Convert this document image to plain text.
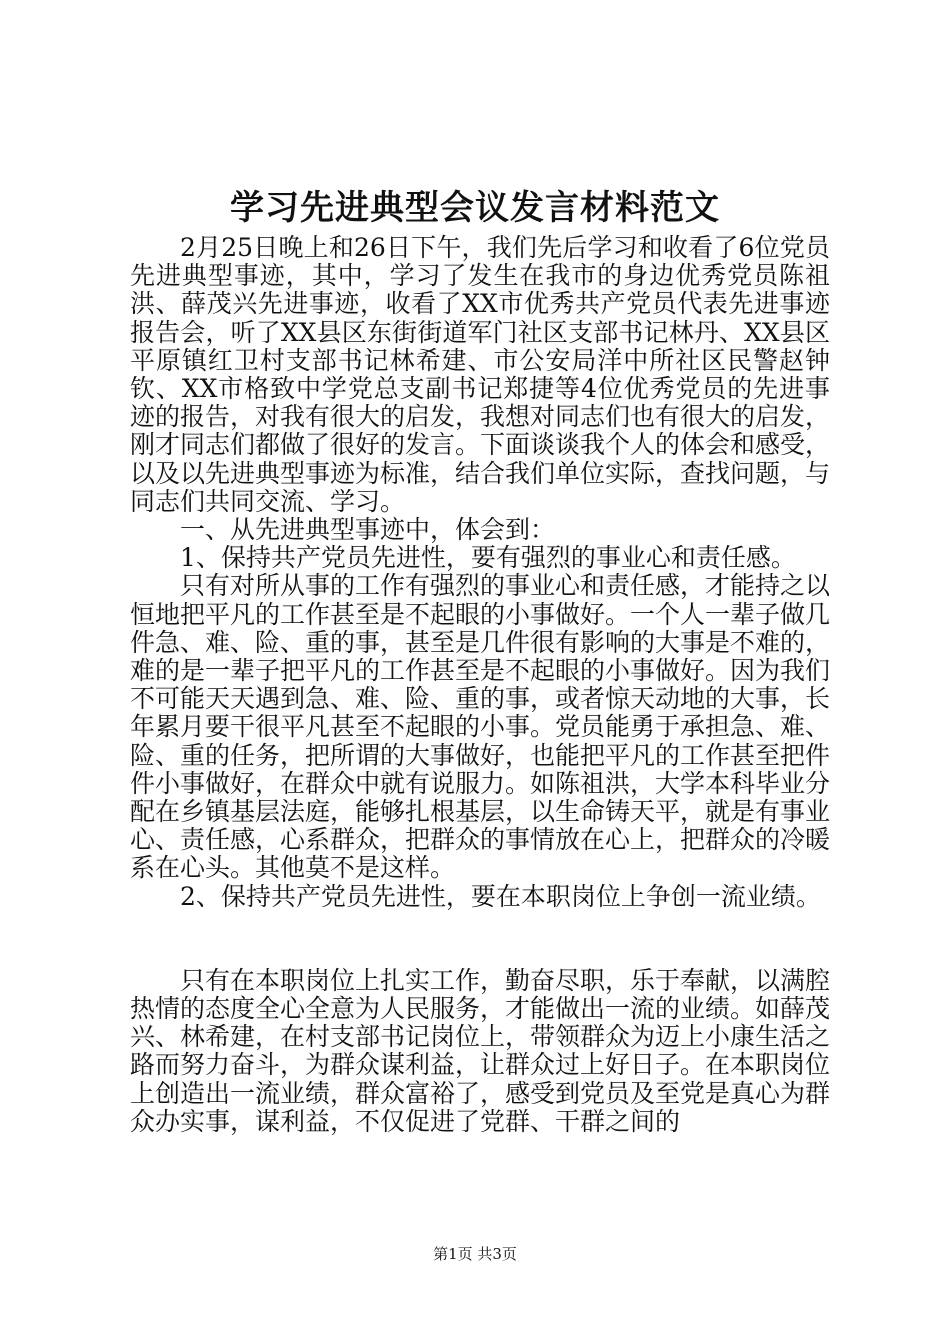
学习先进典型会议发言材料范文

2月25日晚上和26日下午，我们先后学习和收看了6位党员先进典型事迹，其中，学习了发生在我市的身边优秀党员陈祖洪、薛茂兴先进事迹，收看了XX市优秀共产党员代表先进事迹报告会，听了XX县区东街街道军门社区支部书记林丹、XX县区平原镇红卫村支部书记林希建、市公安局洋中所社区民警赵钟钦、XX市格致中学党总支副书记郑捷等4位优秀党员的先进事迹的报告，对我有很大的启发，我想对同志们也有很大的启发，刚才同志们都做了很好的发言。下面谈谈我个人的体会和感受，以及以先进典型事迹为标准，结合我们单位实际，查找问题，与同志们共同交流、学习。

一、从先进典型事迹中，体会到：

1、保持共产党员先进性，要有强烈的事业心和责任感。

只有对所从事的工作有强烈的事业心和责任感，才能持之以恒地把平凡的工作甚至是不起眼的小事做好。一个人一辈子做几件急、难、险、重的事，甚至是几件很有影响的大事是不难的，难的是一辈子把平凡的工作甚至是不起眼的小事做好。因为我们不可能天天遇到急、难、险、重的事，或者惊天动地的大事，长年累月要干很平凡甚至不起眼的小事。党员能勇于承担急、难、险、重的任务，把所谓的大事做好，也能把平凡的工作甚至把件件小事做好，在群众中就有说服力。如陈祖洪，大学本科毕业分配在乡镇基层法庭，能够扎根基层，以生命铸天平，就是有事业心、责任感，心系群众，把群众的事情放在心上，把群众的冷暖系在心头。其他莫不是这样。

2、保持共产党员先进性，要在本职岗位上争创一流业绩。

只有在本职岗位上扎实工作，勤奋尽职，乐于奉献，以满腔热情的态度全心全意为人民服务，才能做出一流的业绩。如薛茂兴、林希建，在村支部书记岗位上，带领群众为迈上小康生活之路而努力奋斗，为群众谋利益，让群众过上好日子。在本职岗位上创造出一流业绩，群众富裕了，感受到党员及至党是真心为群众办实事，谋利益，不仅促进了党群、干群之间的

第1页 共3页
